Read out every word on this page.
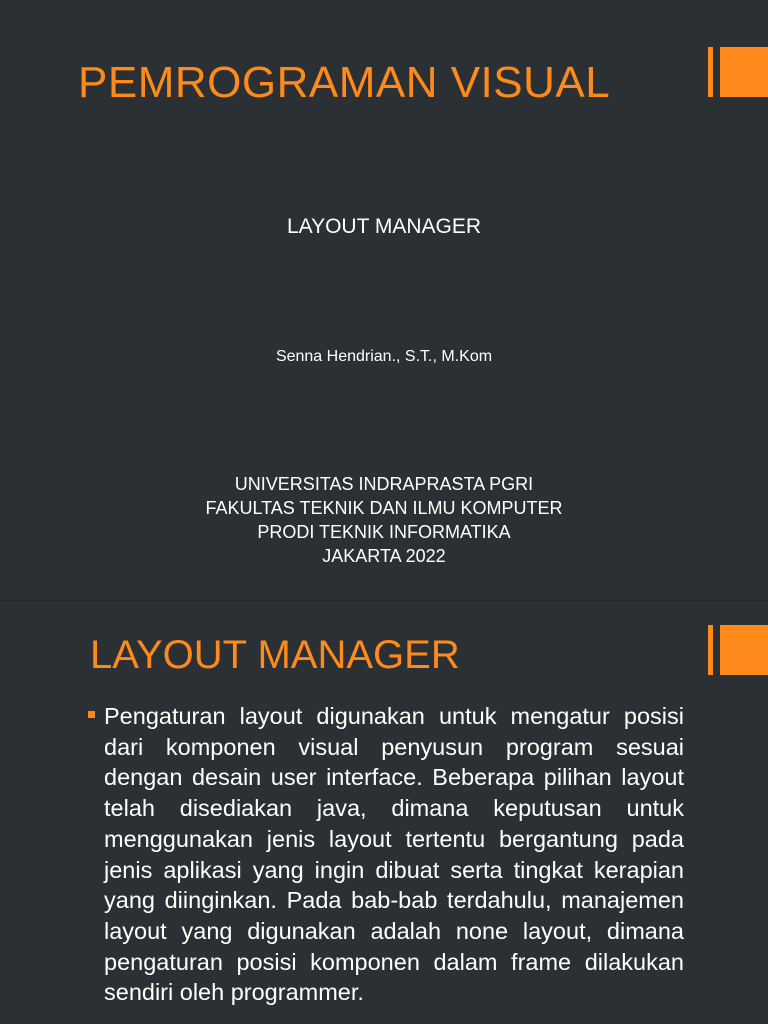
PEMROGRAMAN VISUAL

LAYOUT MANAGER

Senna Hendrian., S.T., M.Kom

UNIVERSITAS INDRAPRASTA PGRI
FAKULTAS TEKNIK DAN ILMU KOMPUTER
PRODI TEKNIK INFORMATIKA
JAKARTA 2022
LAYOUT MANAGER

Pengaturan layout digunakan untuk mengatur posisi dari komponen visual penyusun program sesuai dengan desain user interface. Beberapa pilihan layout telah disediakan java, dimana keputusan untuk menggunakan jenis layout tertentu bergantung pada jenis aplikasi yang ingin dibuat serta tingkat kerapian yang diinginkan. Pada bab-bab terdahulu, manajemen layout yang digunakan adalah none layout, dimana pengaturan posisi komponen dalam frame dilakukan sendiri oleh programmer.
